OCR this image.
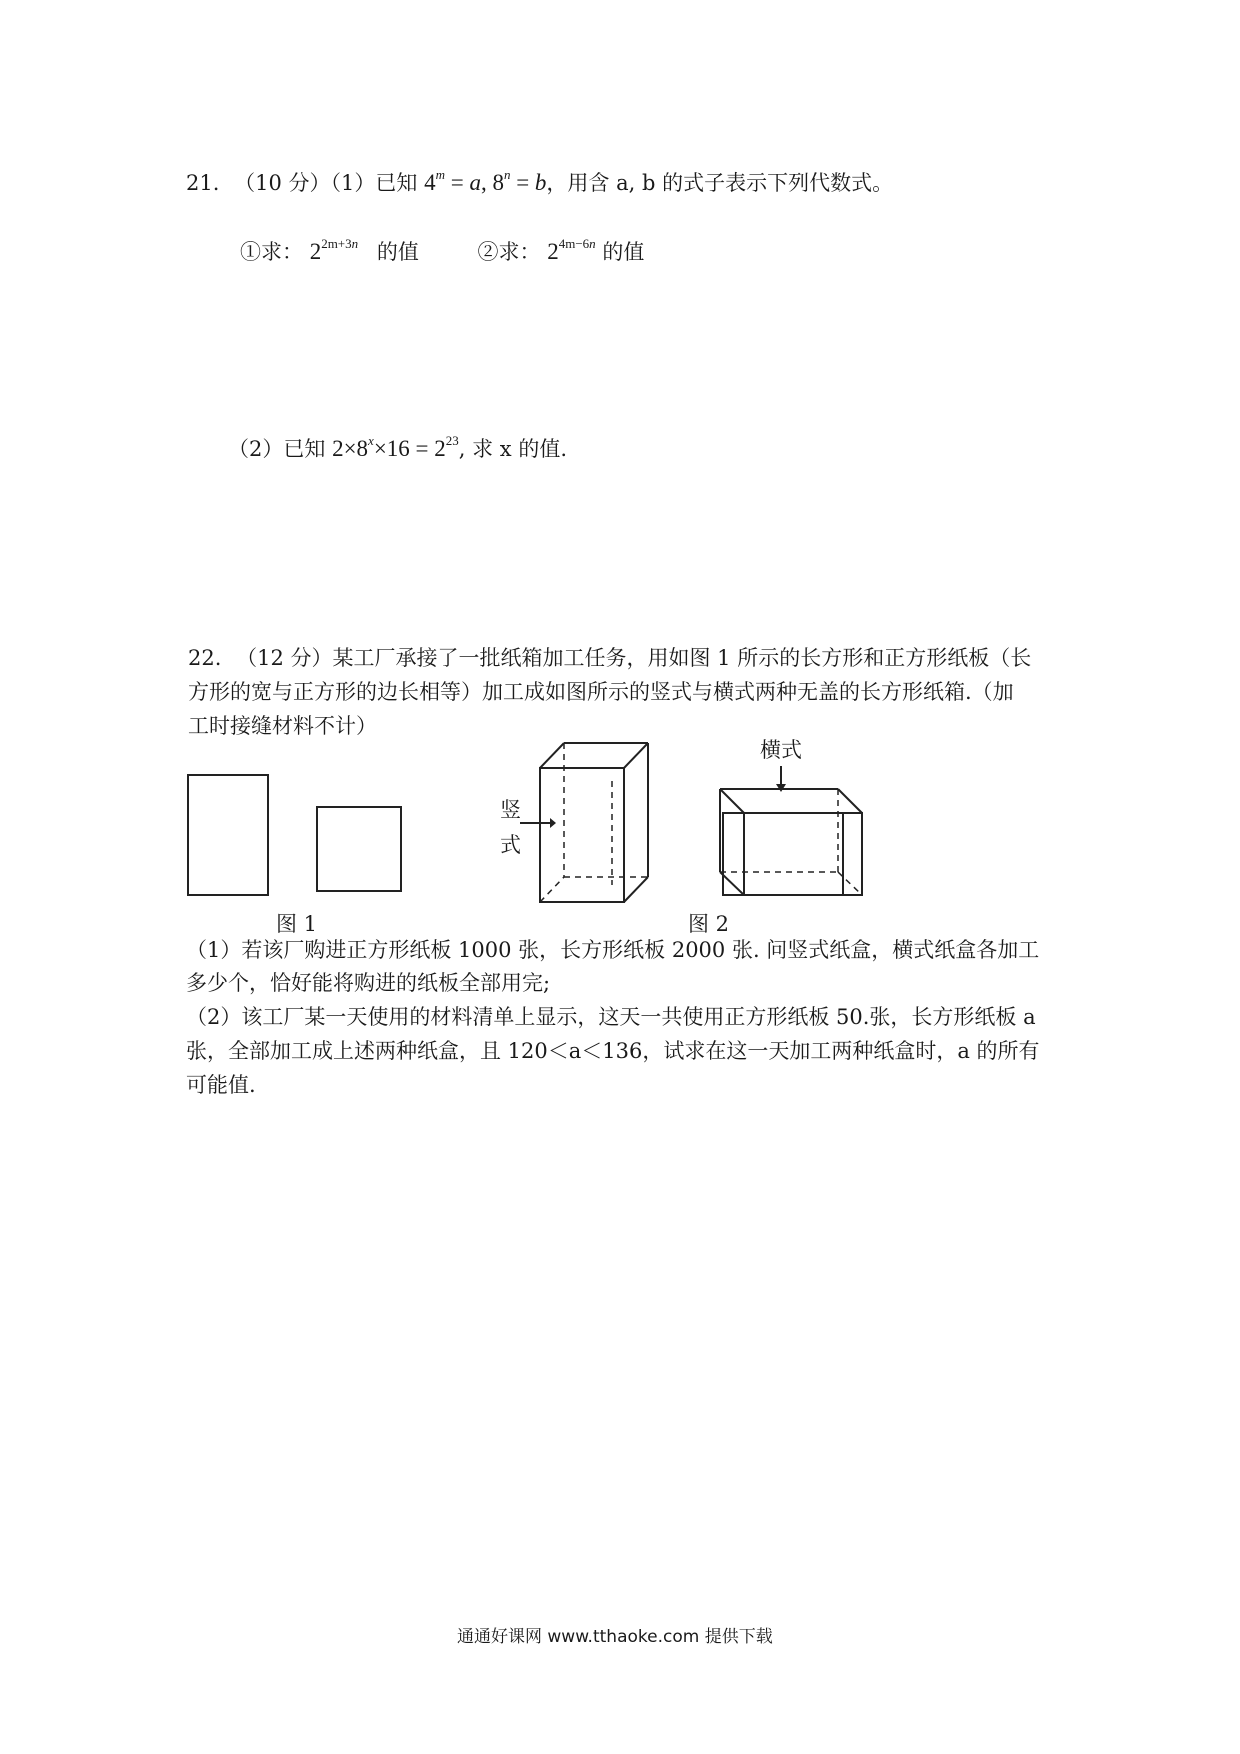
21. （10 分）（1）已知 $4^m = a$, $8^n = b$，用含 a, b 的式子表示下列代数式。
①求： $2^{2m+3n}$ 的值	②求： $2^{4m-6n}$ 的值
（2）已知 $2\times 8^x\times 16 = 2^{23}$, 求 x 的值.
22. （12 分）某工厂承接了一批纸箱加工任务，用如图 1 所示的长方形和正方形纸板（长
方形的宽与正方形的边长相等）加工成如图所示的竖式与横式两种无盖的长方形纸箱.（加
工时接缝材料不计）
图 1
竖
式
横式
图 2
（1）若该厂购进正方形纸板 1000 张，长方形纸板 2000 张. 问竖式纸盒，横式纸盒各加工
多少个，恰好能将购进的纸板全部用完;
（2）该工厂某一天使用的材料清单上显示，这天一共使用正方形纸板 50.张，长方形纸板 a
张，全部加工成上述两种纸盒，且 120＜a＜136，试求在这一天加工两种纸盒时，a 的所有
可能值.
通通好课网 www.tthaoke.com 提供下载
